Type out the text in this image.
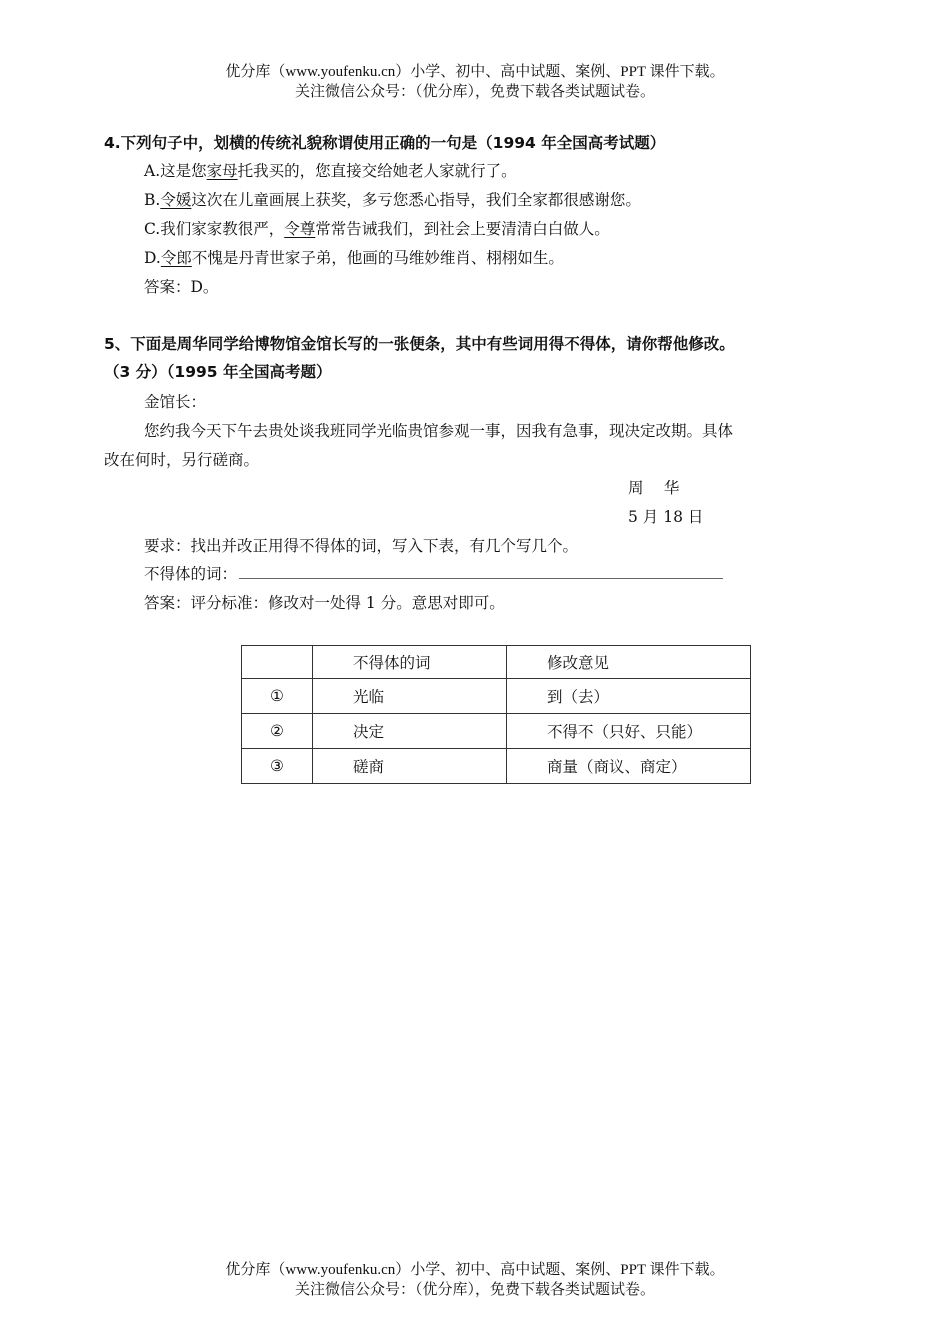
优分库（www.youfenku.cn）小学、初中、高中试题、案例、PPT 课件下载。
关注微信公众号：（优分库），免费下载各类试题试卷。
4.下列句子中，划横的传统礼貌称谓使用正确的一句是（1994 年全国高考试题）
A.这是您家母托我买的，您直接交给她老人家就行了。
B.令媛这次在儿童画展上获奖，多亏您悉心指导，我们全家都很感谢您。
C.我们家家教很严，令尊常常告诫我们，到社会上要清清白白做人。
D.令郎不愧是丹青世家子弟，他画的马维妙维肖、栩栩如生。
答案：D。
5、下面是周华同学给博物馆金馆长写的一张便条，其中有些词用得不得体，请你帮他修改。
（3 分）（1995 年全国高考题）
金馆长：
您约我今天下午去贵处谈我班同学光临贵馆参观一事，因我有急事，现决定改期。具体
改在何时，另行磋商。
周　 华
5 月 18 日
要求：找出并改正用得不得体的词，写入下表，有几个写几个。
不得体的词：
答案：评分标准：修改对一处得 1 分。意思对即可。
	不得体的词	修改意见
①	光临	到（去）
②	决定	不得不（只好、只能）
③	磋商	商量（商议、商定）
优分库（www.youfenku.cn）小学、初中、高中试题、案例、PPT 课件下载。
关注微信公众号：（优分库），免费下载各类试题试卷。
